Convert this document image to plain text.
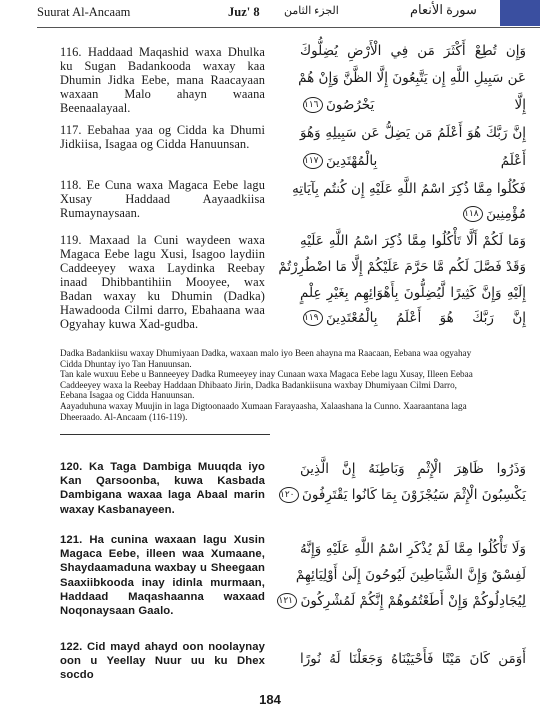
Suurat Al-Ancaam	Juz' 8 الجزء الثامن	سورة الأنعام
116. Haddaad Maqashid waxa Dhulka ku Sugan Badankooda waxay kaa Dhumin Jidka Eebe, mana Raacayaan waxaan Malo ahayn waana Beenaalayaal.
وَإِن تُطِعْ أَكْثَرَ مَن فِي الْأَرْضِ يُضِلُّوكَ
عَن سَبِيلِ اللَّهِ إِن يَتَّبِعُونَ إِلَّا الظَّنَّ وَإِنْ هُمْ
إِلَّا يَخْرُصُونَ١١٦
117. Eebahaa yaa og Cidda ka Dhumi Jidkiisa, Isagaa og Cidda Hanuunsan.
إِنَّ رَبَّكَ هُوَ أَعْلَمُ مَن يَضِلُّ عَن سَبِيلِهِ وَهُوَ
أَعْلَمُ بِالْمُهْتَدِينَ١١٧
118. Ee Cuna waxa Magaca Eebe lagu Xusay Haddaad Aayaadkiisa Rumaynaysaan.
فَكُلُوا مِمَّا ذُكِرَ اسْمُ اللَّهِ عَلَيْهِ إِن كُنتُم بِآيَاتِهِ
مُؤْمِنِينَ١١٨
119. Maxaad la Cuni waydeen waxa Magaca Eebe lagu Xusi, Isagoo laydiin Caddeeyey waxa Laydinka Reebay inaad Dhibbantihiin Mooyee, wax Badan waxay ku Dhumin (Dadka) Hawadooda Cilmi darro, Ebahaana waa Ogyahay kuwa Xad-gudba.
وَمَا لَكُمْ أَلَّا تَأْكُلُوا مِمَّا ذُكِرَ اسْمُ اللَّهِ عَلَيْهِ
وَقَدْ فَصَّلَ لَكُم مَّا حَرَّمَ عَلَيْكُمْ إِلَّا مَا اضْطُرِرْتُمْ
إِلَيْهِ وَإِنَّ كَثِيرًا لَّيُضِلُّونَ بِأَهْوَائِهِم بِغَيْرِ عِلْمٍ
إِنَّ رَبَّكَ هُوَ أَعْلَمُ بِالْمُعْتَدِينَ١١٩
Dadka Badankiisu waxay Dhumiyaan Dadka, waxaan malo iyo Been ahayna ma Raacaan, Eebana waa ogyahay Cidda Dhuntay iyo Tan Hanuunsan.
Tan kale wuxuu Eebe u Banneeyey Dadka Rumeeyey inay Cunaan waxa Magaca Eebe lagu Xusay, Illeen Eebaa Caddeeyey waxa la Reebay Haddaan Dhibaato Jirin, Dadka Badankiisuna waxbay Dhumiyaan Cilmi Darro, Eebana Isagaa og Cidda Hanuunsan.
Aayaduhuna waxay Muujin in laga Digtoonaado Xumaan Farayaasha, Xalaashana la Cunno. Xaaraantana laga Dheeraado. Al-Ancaam (116-119).
120. Ka Taga Dambiga Muuqda iyo Kan Qarsoonba, kuwa Kasbada Dambigana waxaa laga Abaal marin waxay Kasbanayeen.
وَذَرُوا ظَاهِرَ الْإِثْمِ وَبَاطِنَهُ إِنَّ الَّذِينَ
يَكْسِبُونَ الْإِثْمَ سَيُجْزَوْنَ بِمَا كَانُوا يَقْتَرِفُونَ١٢٠
121. Ha cunina waxaan lagu Xusin Magaca Eebe, illeen waa Xumaane, Shaydaamaduna waxbay u Sheegaan Saaxiibkooda inay idinla murmaan, Haddaad Maqashaanna waxaad Noqonaysaan Gaalo.
وَلَا تَأْكُلُوا مِمَّا لَمْ يُذْكَرِ اسْمُ اللَّهِ عَلَيْهِ وَإِنَّهُ
لَفِسْقٌ وَإِنَّ الشَّيَاطِينَ لَيُوحُونَ إِلَىٰ أَوْلِيَائِهِمْ
لِيُجَادِلُوكُمْ وَإِنْ أَطَعْتُمُوهُمْ إِنَّكُمْ لَمُشْرِكُونَ١٢١
122. Cid mayd ahayd oon noolaynay oon u Yeellay Nuur uu ku Dhex socdo
أَوَمَن كَانَ مَيْتًا فَأَحْيَيْنَاهُ وَجَعَلْنَا لَهُ نُورًا
184
